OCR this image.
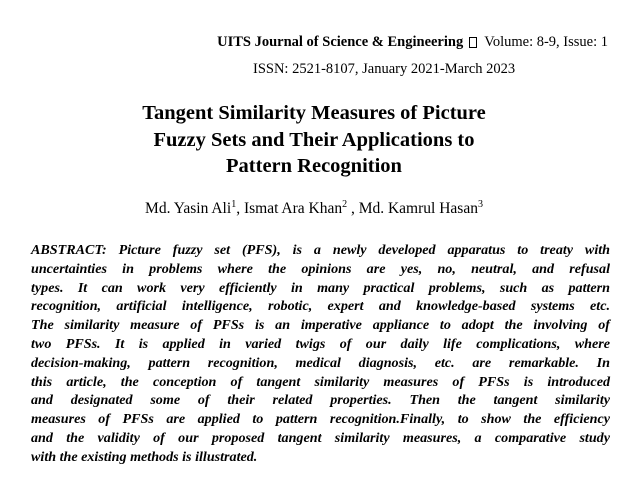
UITS Journal of Science & Engineering Volume: 8-9, Issue: 1
ISSN: 2521-8107, January 2021-March 2023
Tangent Similarity Measures of Picture
Fuzzy Sets and Their Applications to
Pattern Recognition
Md. Yasin Ali$^1$, Ismat Ara Khan$^2$ , Md. Kamrul Hasan$^3$
ABSTRACT: Picture fuzzy set (PFS), is a newly developed apparatus to treaty with
uncertainties in problems where the opinions are yes, no, neutral, and refusal
types. It can work very efficiently in many practical problems, such as pattern
recognition, artificial intelligence, robotic, expert and knowledge-based systems etc.
The similarity measure of PFSs is an imperative appliance to adopt the involving of
two PFSs. It is applied in varied twigs of our daily life complications, where
decision-making, pattern recognition, medical diagnosis, etc. are remarkable. In
this article, the conception of tangent similarity measures of PFSs is introduced
and designated some of their related properties. Then the tangent similarity
measures of PFSs are applied to pattern recognition.Finally, to show the efficiency
and the validity of our proposed tangent similarity measures, a comparative study
with the existing methods is illustrated.
